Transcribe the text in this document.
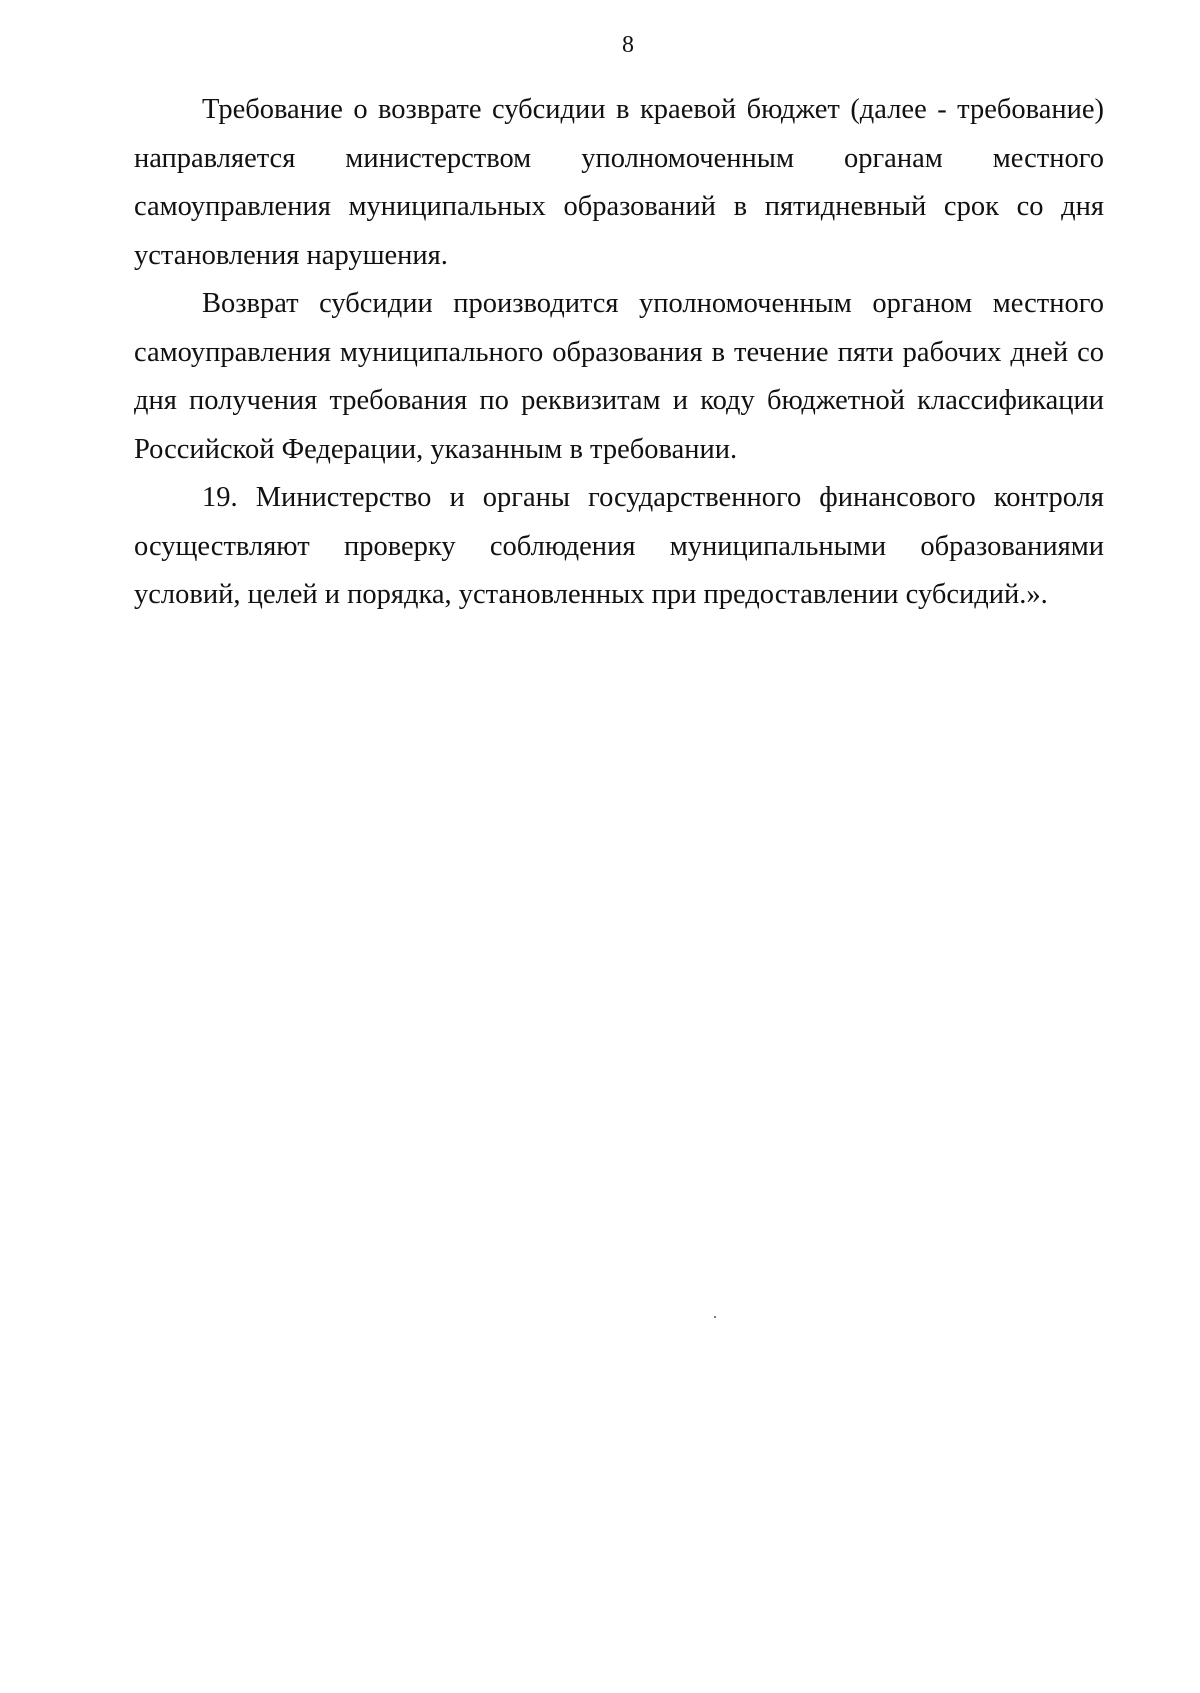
8

Требование о возврате субсидии в краевой бюджет (далее - требование) направляется министерством уполномоченным органам местного самоуправления муниципальных образований в пятидневный срок со дня установления нарушения.

Возврат субсидии производится уполномоченным органом местного самоуправления муниципального образования в течение пяти рабочих дней со дня получения требования по реквизитам и коду бюджетной классификации Российской Федерации, указанным в требовании.

19. Министерство и органы государственного финансового контроля осуществляют проверку соблюдения муниципальными образованиями условий, целей и порядка, установленных при предоставлении субсидий.».
